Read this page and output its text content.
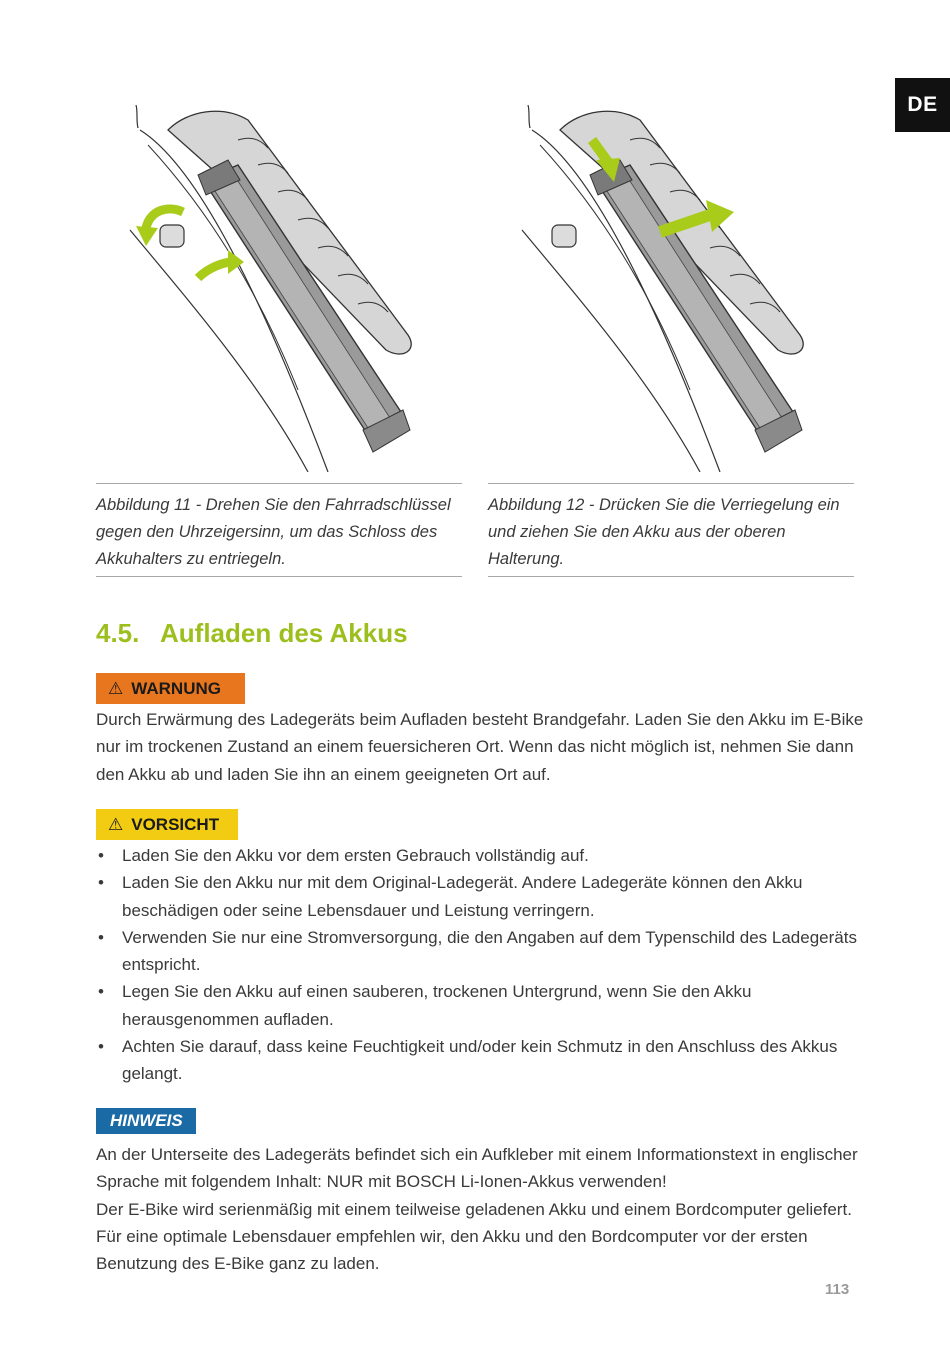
DE
Abbildung 11 - Drehen Sie den Fahrradschlüssel gegen den Uhrzeigersinn, um das Schloss des Akkuhalters zu entriegeln.
Abbildung 12 - Drücken Sie die Verriegelung ein und ziehen Sie den Akku aus der oberen Halterung.
4.5. Aufladen des Akkus
⚠ WARNUNG

Durch Erwärmung des Ladegeräts beim Aufladen besteht Brandgefahr. Laden Sie den Akku im E-Bike nur im trockenen Zustand an einem feuersicheren Ort. Wenn das nicht möglich ist, nehmen Sie dann den Akku ab und laden Sie ihn an einem geeigneten Ort auf.

⚠ VORSICHT
• Laden Sie den Akku vor dem ersten Gebrauch vollständig auf.
• Laden Sie den Akku nur mit dem Original-Ladegerät. Andere Ladegeräte können den Akku beschädigen oder seine Lebensdauer und Leistung verringern.
• Verwenden Sie nur eine Stromversorgung, die den Angaben auf dem Typenschild des Ladegeräts entspricht.
• Legen Sie den Akku auf einen sauberen, trockenen Untergrund, wenn Sie den Akku herausgenommen aufladen.
• Achten Sie darauf, dass keine Feuchtigkeit und/oder kein Schmutz in den Anschluss des Akkus gelangt.
HINWEIS

An der Unterseite des Ladegeräts befindet sich ein Aufkleber mit einem Informationstext in englischer Sprache mit folgendem Inhalt: NUR mit BOSCH Li-Ionen-Akkus verwenden!

Der E-Bike wird serienmäßig mit einem teilweise geladenen Akku und einem Bordcomputer geliefert. Für eine optimale Lebensdauer empfehlen wir, den Akku und den Bordcomputer vor der ersten Benutzung des E-Bike ganz zu laden.

113
